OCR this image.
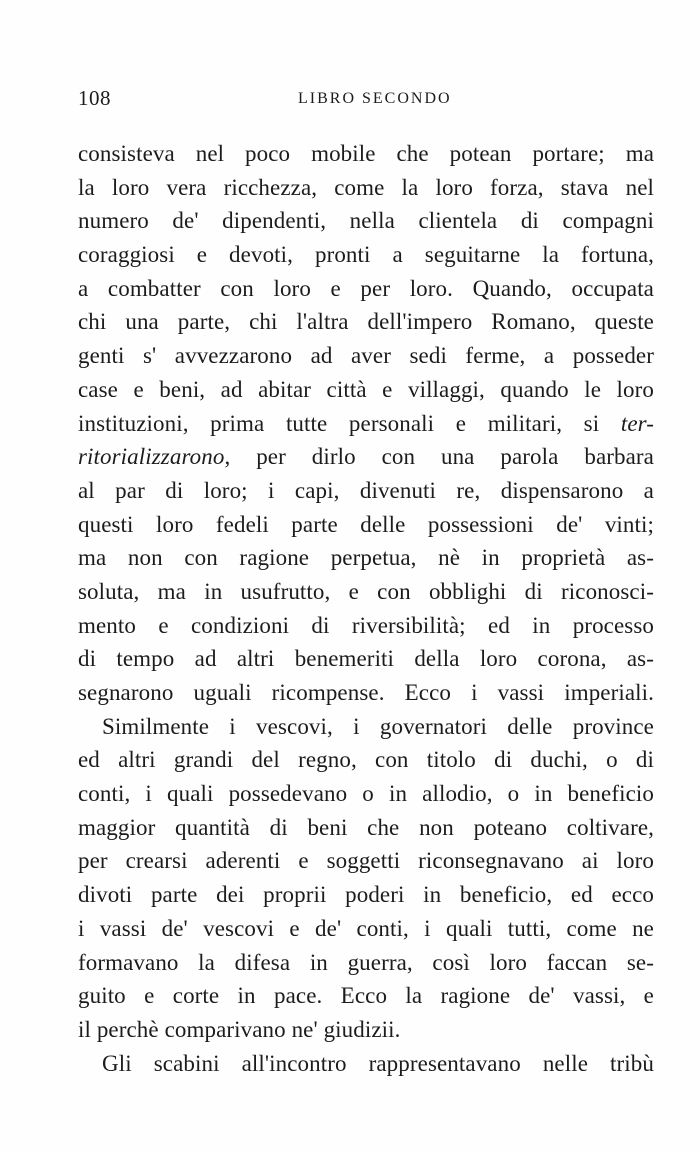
108	LIBRO SECONDO
consisteva nel poco mobile che potean portare; ma
la loro vera ricchezza, come la loro forza, stava nel
numero de' dipendenti, nella clientela di compagni
coraggiosi e devoti, pronti a seguitarne la fortuna,
a combatter con loro e per loro. Quando, occupata
chi una parte, chi l'altra dell'impero Romano, queste
genti s' avvezzarono ad aver sedi ferme, a posseder
case e beni, ad abitar città e villaggi, quando le loro
instituzioni, prima tutte personali e militari, si ter-
ritorializzarono, per dirlo con una parola barbara
al par di loro; i capi, divenuti re, dispensarono a
questi loro fedeli parte delle possessioni de' vinti;
ma non con ragione perpetua, nè in proprietà as-
soluta, ma in usufrutto, e con obblighi di riconosci-
mento e condizioni di riversibilità; ed in processo
di tempo ad altri benemeriti della loro corona, as-
segnarono uguali ricompense. Ecco i vassi imperiali.
Similmente i vescovi, i governatori delle province
ed altri grandi del regno, con titolo di duchi, o di
conti, i quali possedevano o in allodio, o in beneficio
maggior quantità di beni che non poteano coltivare,
per crearsi aderenti e soggetti riconsegnavano ai loro
divoti parte dei proprii poderi in beneficio, ed ecco
i vassi de' vescovi e de' conti, i quali tutti, come ne
formavano la difesa in guerra, così loro faccan se-
guito e corte in pace. Ecco la ragione de' vassi, e
il perchè comparivano ne' giudizii.
Gli scabini all'incontro rappresentavano nelle tribù
